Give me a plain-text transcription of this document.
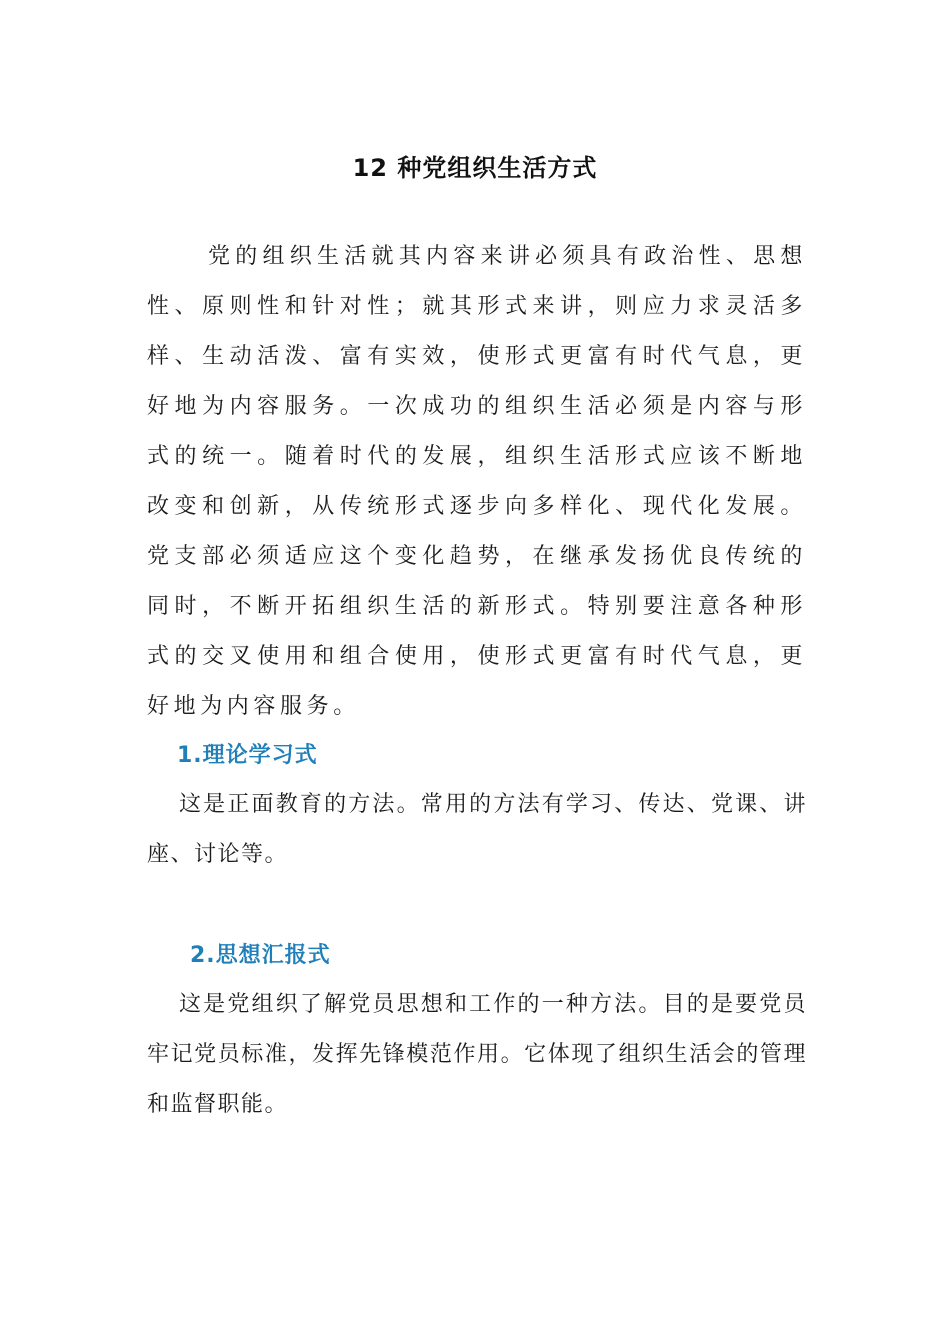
12 种党组织生活方式

党的组织生活就其内容来讲必须具有政治性、思想性、原则性和针对性；就其形式来讲，则应力求灵活多样、生动活泼、富有实效，使形式更富有时代气息，更好地为内容服务。一次成功的组织生活必须是内容与形式的统一。随着时代的发展，组织生活形式应该不断地改变和创新，从传统形式逐步向多样化、现代化发展。党支部必须适应这个变化趋势，在继承发扬优良传统的同时，不断开拓组织生活的新形式。特别要注意各种形式的交叉使用和组合使用，使形式更富有时代气息，更好地为内容服务。

1.理论学习式

这是正面教育的方法。常用的方法有学习、传达、党课、讲座、讨论等。

2.思想汇报式

这是党组织了解党员思想和工作的一种方法。目的是要党员牢记党员标准，发挥先锋模范作用。它体现了组织生活会的管理和监督职能。
